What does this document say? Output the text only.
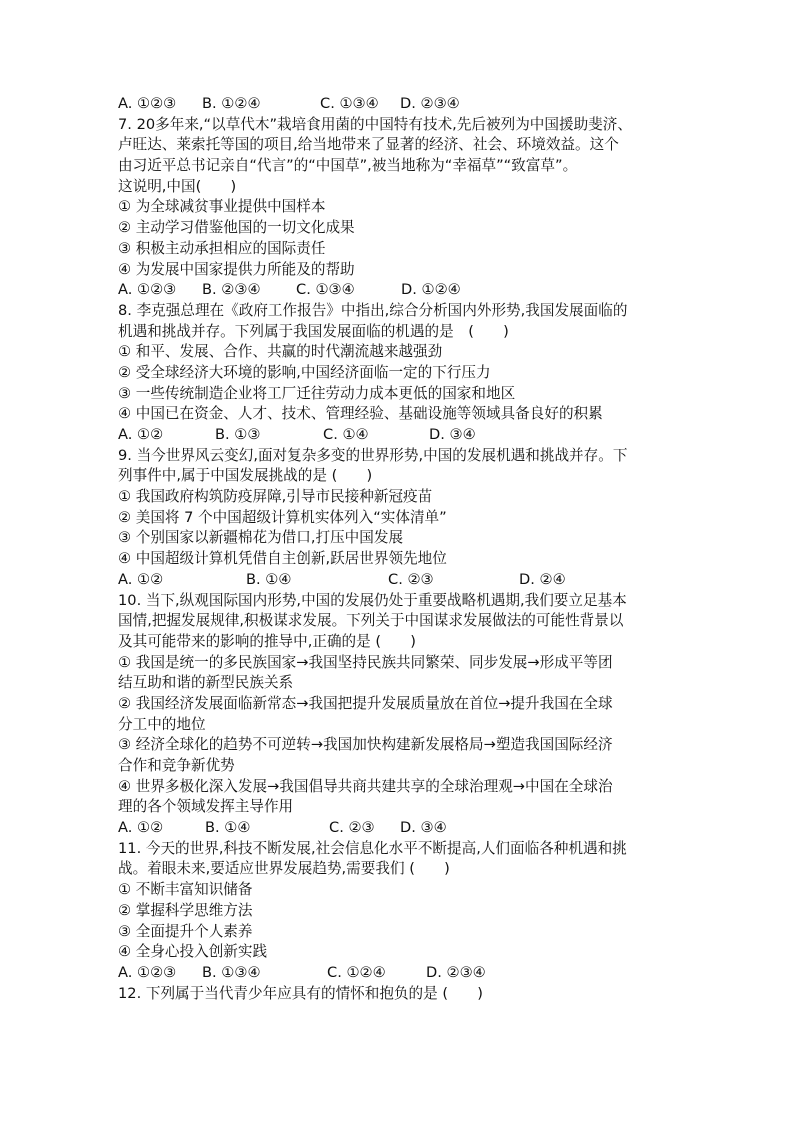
A. ①②③ B. ①②④	C. ①③④ D. ②③④
7. 20多年来,“以草代木”栽培食用菌的中国特有技术,先后被列为中国援助斐济、
卢旺达、莱索托等国的项目,给当地带来了显著的经济、社会、环境效益。这个
由习近平总书记亲自“代言”的“中国草”,被当地称为“幸福草”“致富草”。
这说明,中国(　　)
① 为全球减贫事业提供中国样本
② 主动学习借鉴他国的一切文化成果
③ 积极主动承担相应的国际责任
④ 为发展中国家提供力所能及的帮助
A. ①②③ B. ②③④ C. ①③④	D. ①②④
8. 李克强总理在《政府工作报告》中指出,综合分析国内外形势,我国发展面临的
机遇和挑战并存。下列属于我国发展面临的机遇的是　(　　)
① 和平、发展、合作、共赢的时代潮流越来越强劲
② 受全球经济大环境的影响,中国经济面临一定的下行压力
③ 一些传统制造企业将工厂迁往劳动力成本更低的国家和地区
④ 中国已在资金、人才、技术、管理经验、基础设施等领域具备良好的积累
A. ①②	B. ①③	C. ①④	D. ③④
9. 当今世界风云变幻,面对复杂多变的世界形势,中国的发展机遇和挑战并存。下
列事件中,属于中国发展挑战的是 (　　)
① 我国政府构筑防疫屏障,引导市民接种新冠疫苗
② 美国将 7 个中国超级计算机实体列入“实体清单”
③ 个别国家以新疆棉花为借口,打压中国发展
④ 中国超级计算机凭借自主创新,跃居世界领先地位
A. ①②	B. ①④	C. ②③	D. ②④
10. 当下,纵观国际国内形势,中国的发展仍处于重要战略机遇期,我们要立足基本
国情,把握发展规律,积极谋求发展。下列关于中国谋求发展做法的可能性背景以
及其可能带来的影响的推导中,正确的是 (　　)
① 我国是统一的多民族国家→我国坚持民族共同繁荣、同步发展→形成平等团
结互助和谐的新型民族关系
② 我国经济发展面临新常态→我国把提升发展质量放在首位→提升我国在全球
分工中的地位
③ 经济全球化的趋势不可逆转→我国加快构建新发展格局→塑造我国国际经济
合作和竞争新优势
④ 世界多极化深入发展→我国倡导共商共建共享的全球治理观→中国在全球治
理的各个领域发挥主导作用
A. ①②	B. ①④	C. ②③ D. ③④
11. 今天的世界,科技不断发展,社会信息化水平不断提高,人们面临各种机遇和挑
战。着眼未来,要适应世界发展趋势,需要我们 (　　)
① 不断丰富知识储备
② 掌握科学思维方法
③ 全面提升个人素养
④ 全身心投入创新实践
A. ①②③ B. ①③④	C. ①②④	D. ②③④
12. 下列属于当代青少年应具有的情怀和抱负的是 (　　)
